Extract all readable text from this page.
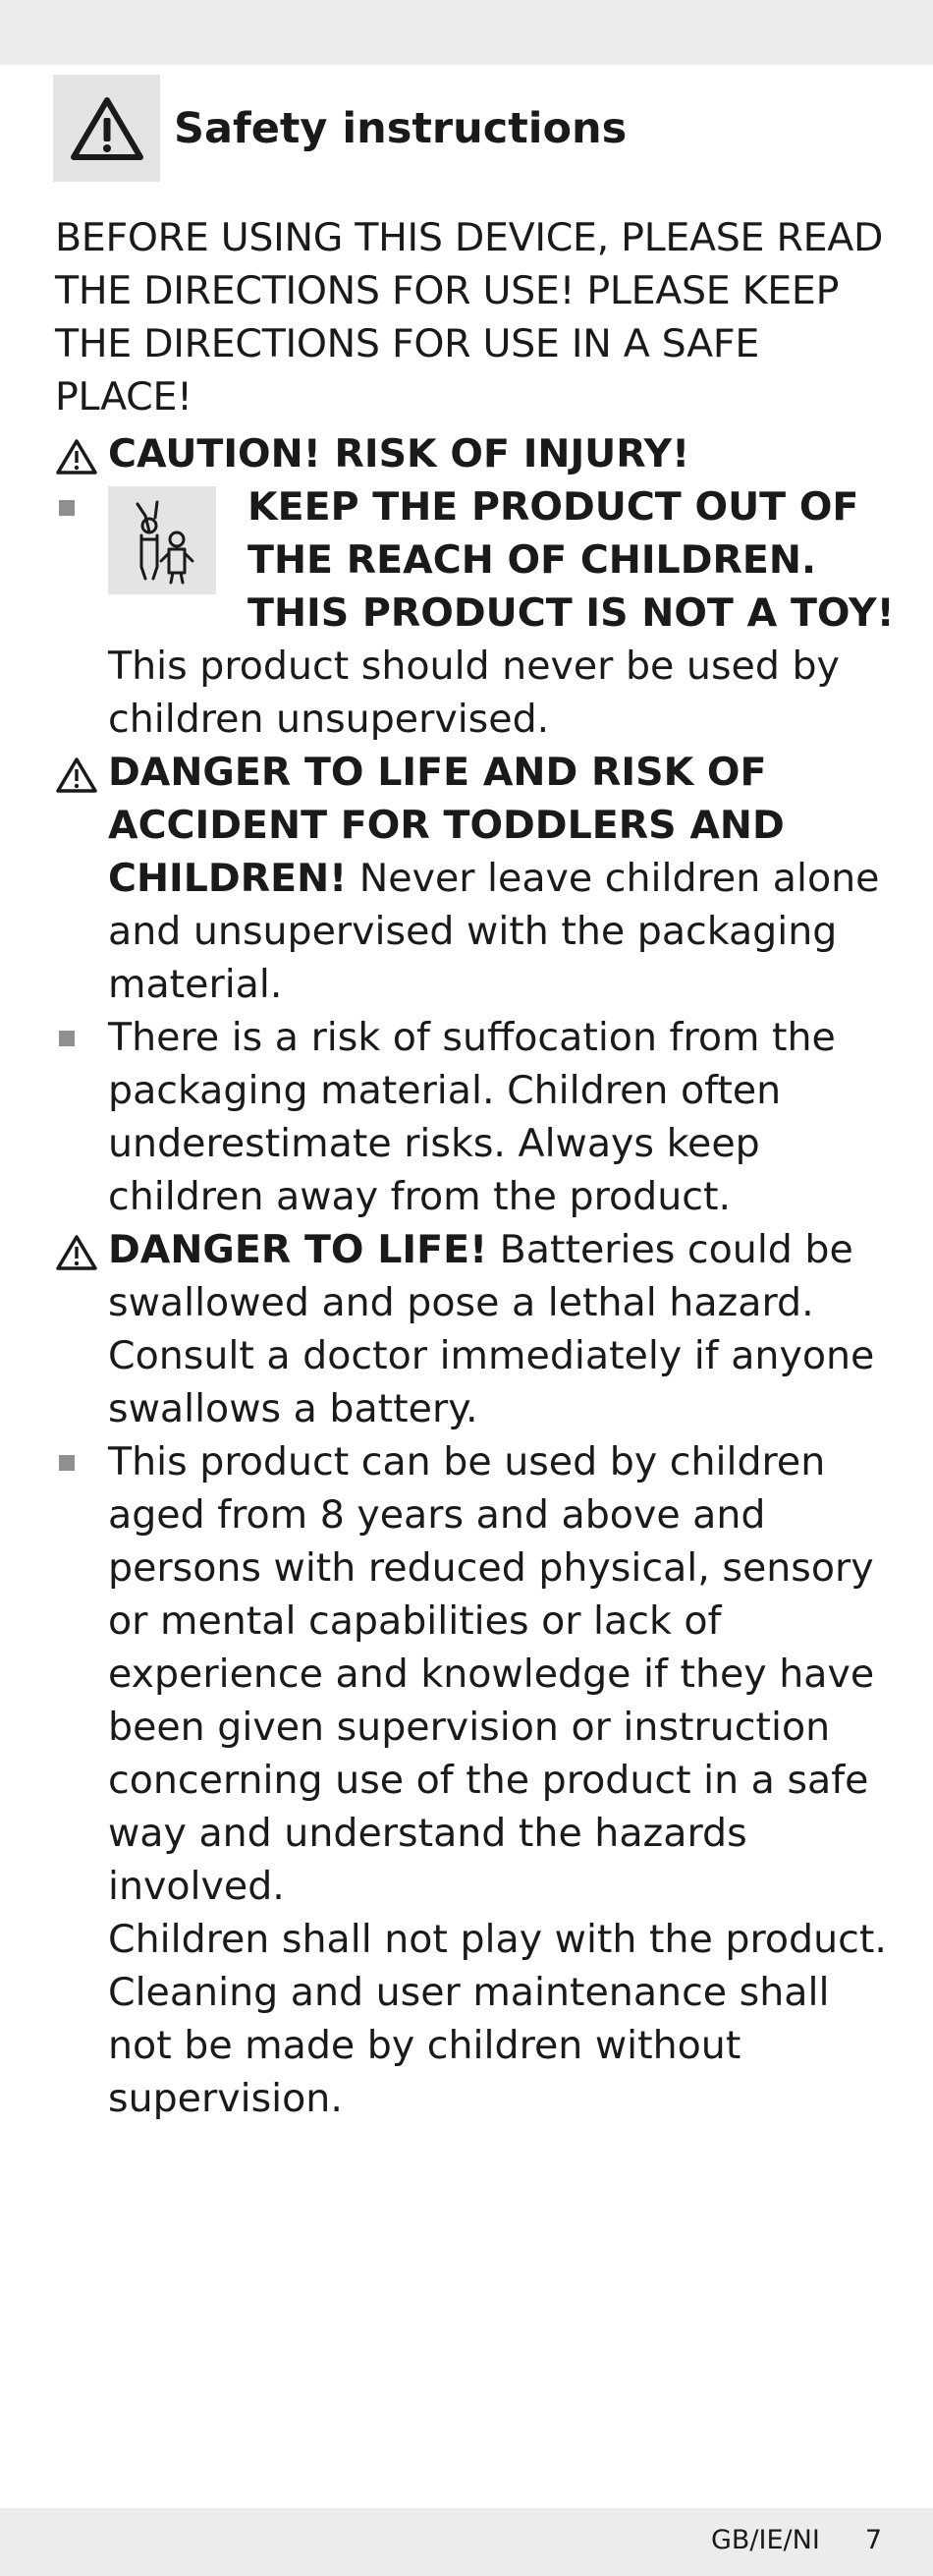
Safety instructions

BEFORE USING THIS DEVICE, PLEASE READ THE DIRECTIONS FOR USE! PLEASE KEEP THE DIRECTIONS FOR USE IN A SAFE PLACE!

CAUTION! RISK OF INJURY!
KEEP THE PRODUCT OUT OF THE REACH OF CHILDREN. THIS PRODUCT IS NOT A TOY! This product should never be used by children unsupervised.
DANGER TO LIFE AND RISK OF ACCIDENT FOR TODDLERS AND CHILDREN! Never leave children alone and unsupervised with the packaging material.
There is a risk of suffocation from the packaging material. Children often underestimate risks. Always keep children away from the product.
DANGER TO LIFE! Batteries could be swallowed and pose a lethal hazard. Consult a doctor immediately if anyone swallows a battery.
This product can be used by children aged from 8 years and above and persons with reduced physical, sensory or mental capabilities or lack of experience and knowledge if they have been given supervision or instruction concerning use of the product in a safe way and understand the hazards involved.
Children shall not play with the product. Cleaning and user maintenance shall not be made by children without supervision.
GB/IE/NI 7
